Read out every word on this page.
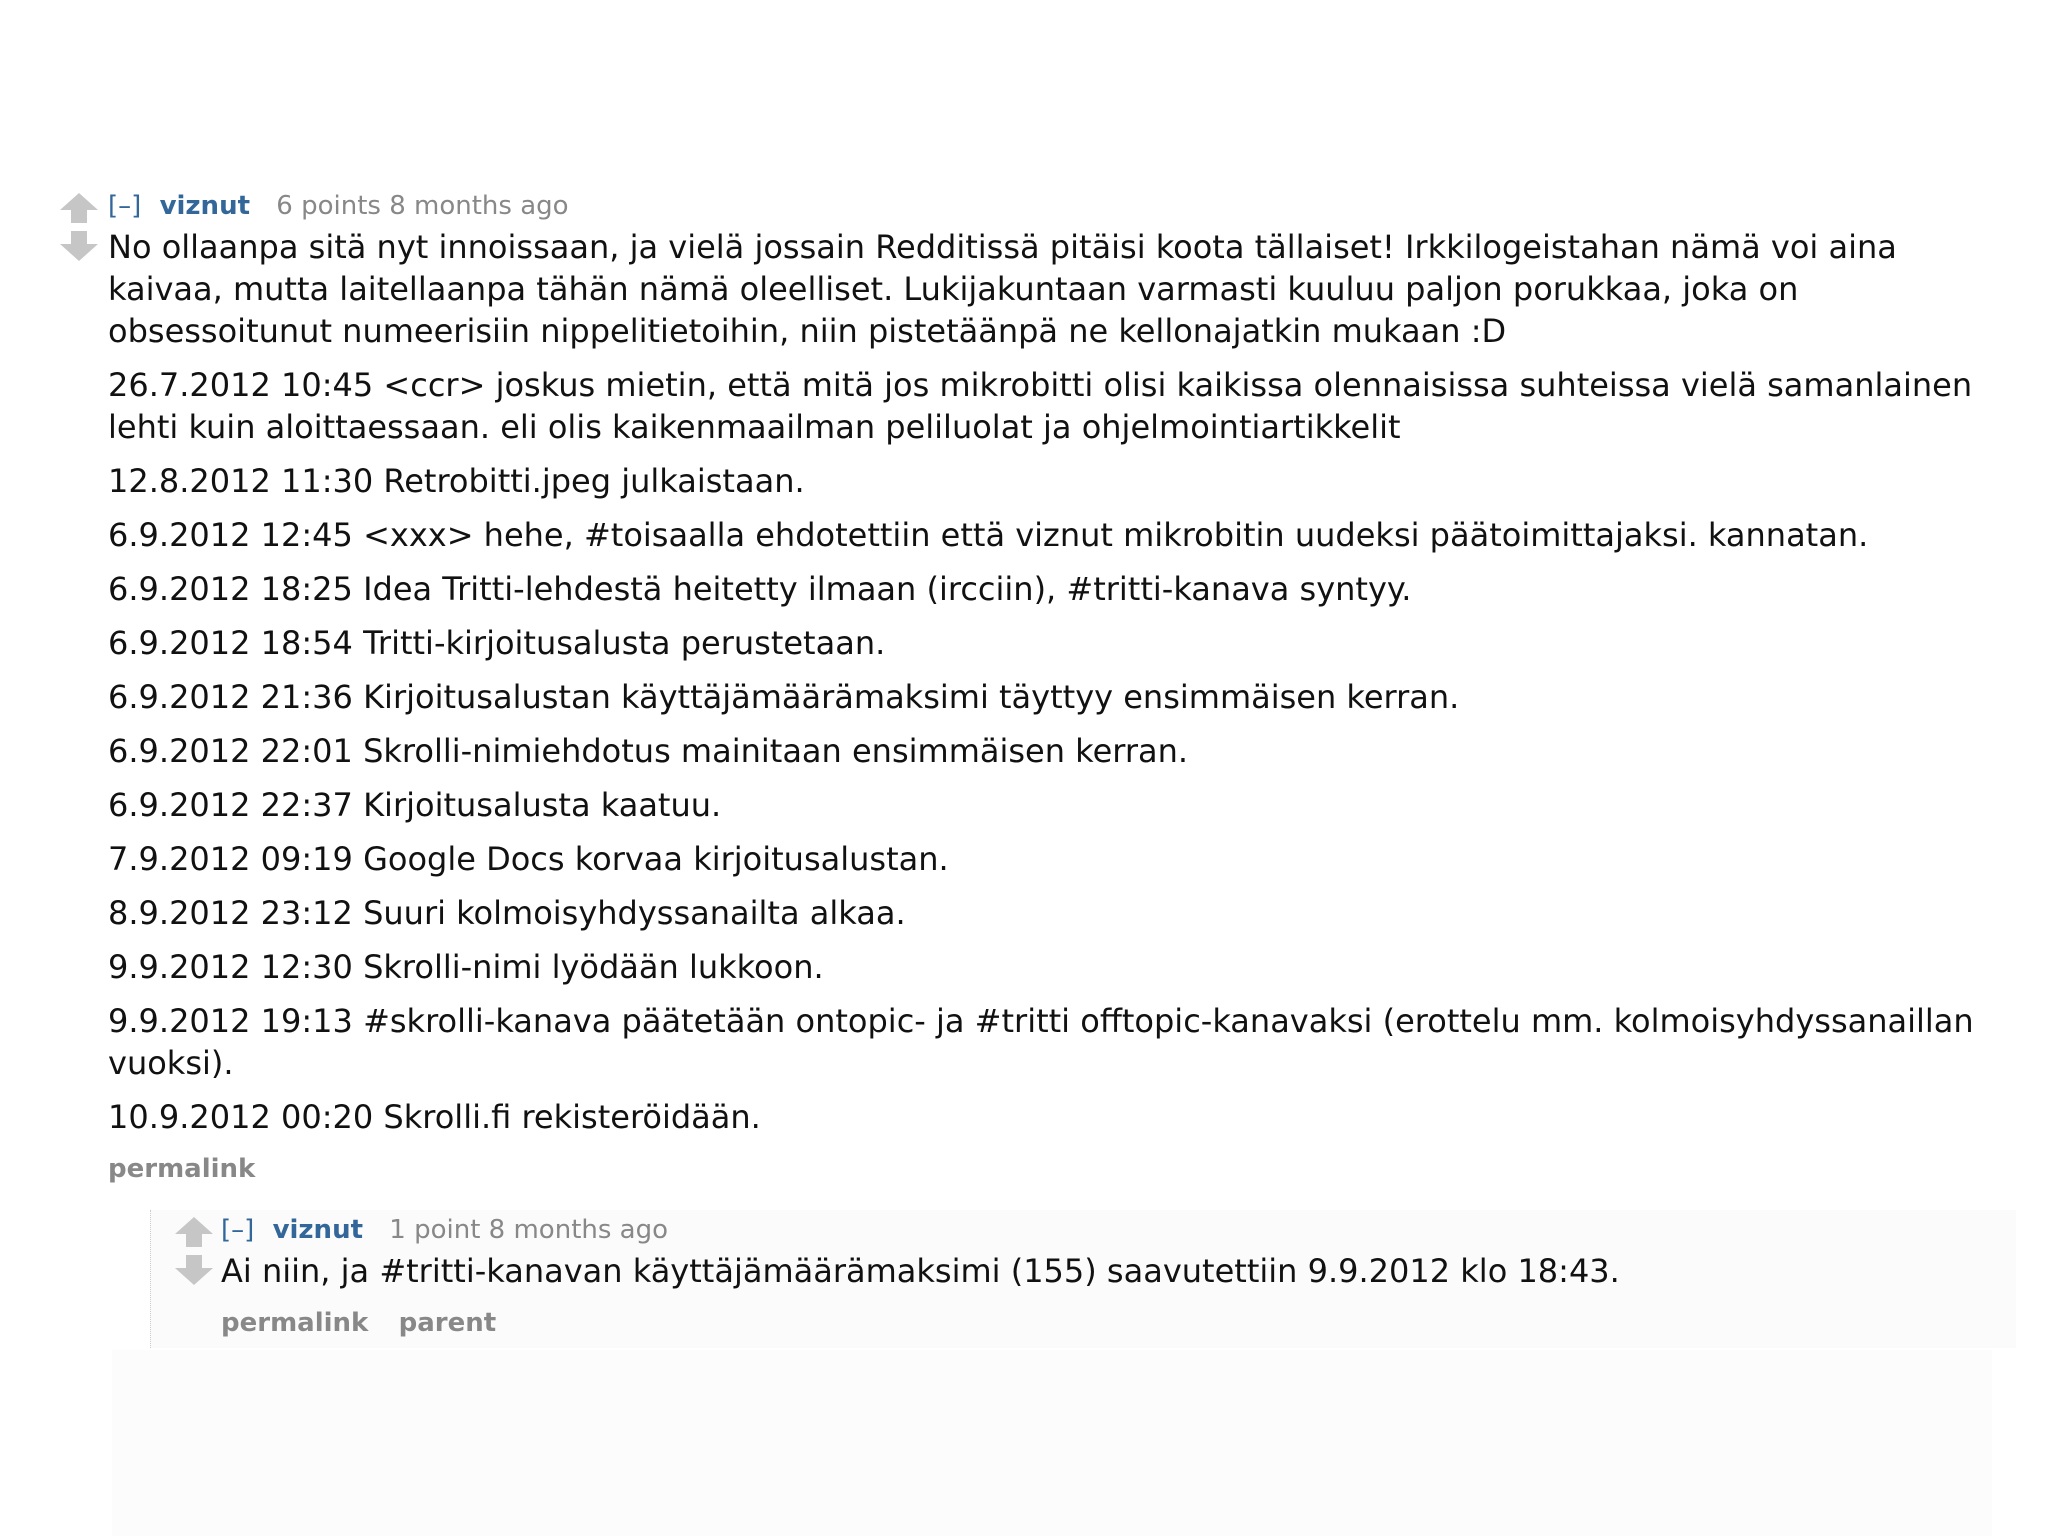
[–] viznut 6 points 8 months ago

No ollaanpa sitä nyt innoissaan, ja vielä jossain Redditissä pitäisi koota tällaiset! Irkkilogeistahan nämä voi aina kaivaa, mutta laitellaanpa tähän nämä oleelliset. Lukijakuntaan varmasti kuuluu paljon porukkaa, joka on obsessoitunut numeerisiin nippelitietoihin, niin pistetäänpä ne kellonajatkin mukaan :D

26.7.2012 10:45 <ccr> joskus mietin, että mitä jos mikrobitti olisi kaikissa olennaisissa suhteissa vielä samanlainen lehti kuin aloittaessaan. eli olis kaikenmaailman peliluolat ja ohjelmointiartikkelit

12.8.2012 11:30 Retrobitti.jpeg julkaistaan.

6.9.2012 12:45 <xxx> hehe, #toisaalla ehdotettiin että viznut mikrobitin uudeksi päätoimittajaksi. kannatan.

6.9.2012 18:25 Idea Tritti-lehdestä heitetty ilmaan (ircciin), #tritti-kanava syntyy.

6.9.2012 18:54 Tritti-kirjoitusalusta perustetaan.

6.9.2012 21:36 Kirjoitusalustan käyttäjämäärämaksimi täyttyy ensimmäisen kerran.

6.9.2012 22:01 Skrolli-nimiehdotus mainitaan ensimmäisen kerran.

6.9.2012 22:37 Kirjoitusalusta kaatuu.

7.9.2012 09:19 Google Docs korvaa kirjoitusalustan.

8.9.2012 23:12 Suuri kolmoisyhdyssanailta alkaa.

9.9.2012 12:30 Skrolli-nimi lyödään lukkoon.

9.9.2012 19:13 #skrolli-kanava päätetään ontopic- ja #tritti offtopic-kanavaksi (erottelu mm. kolmoisyhdyssanaillan vuoksi).

10.9.2012 00:20 Skrolli.fi rekisteröidään.

permalink
[–] viznut 1 point 8 months ago

Ai niin, ja #tritti-kanavan käyttäjämäärämaksimi (155) saavutettiin 9.9.2012 klo 18:43.

permalink parent
